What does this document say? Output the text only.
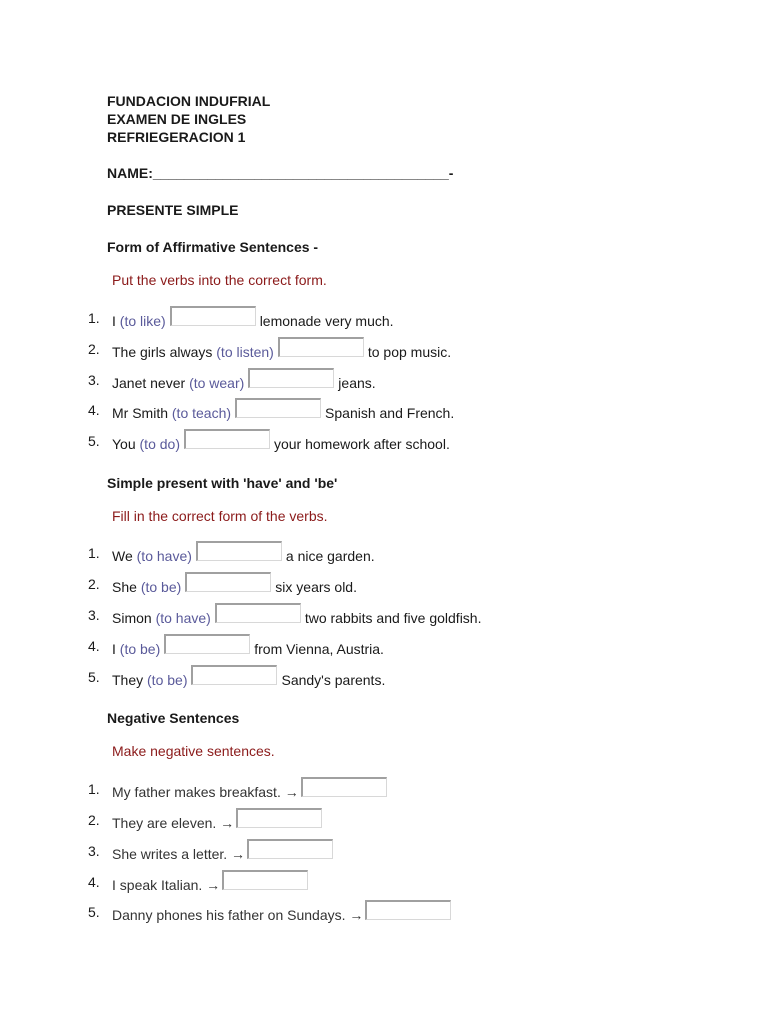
FUNDACION INDUFRIAL
EXAMEN DE INGLES
REFRIEGERACION 1
NAME:______________________________________-
PRESENTE SIMPLE
Form of Affirmative Sentences -
Put the verbs into the correct form.
1. I
(to like)	lemonade very much.
2. The girls always
(to listen)	to pop music.
3. Janet never
(to wear)	jeans.
4. Mr Smith
(to teach)	Spanish and French.
5. You
(to do)	your homework after school.
Simple present with 'have' and 'be'
Fill in the correct form of the verbs.
1. We
(to have)	a nice garden.
2. She
(to be)	six years old.
3. Simon
(to have)	two rabbits and five goldfish.
4. I
(to be)	from Vienna, Austria.
5. They
(to be)	Sandy's parents.
Negative Sentences
Make negative sentences.
1. My father makes breakfast. →
2. They are eleven. →
3. She writes a letter. →
4. I speak Italian. →
5. Danny phones his father on Sundays. →
